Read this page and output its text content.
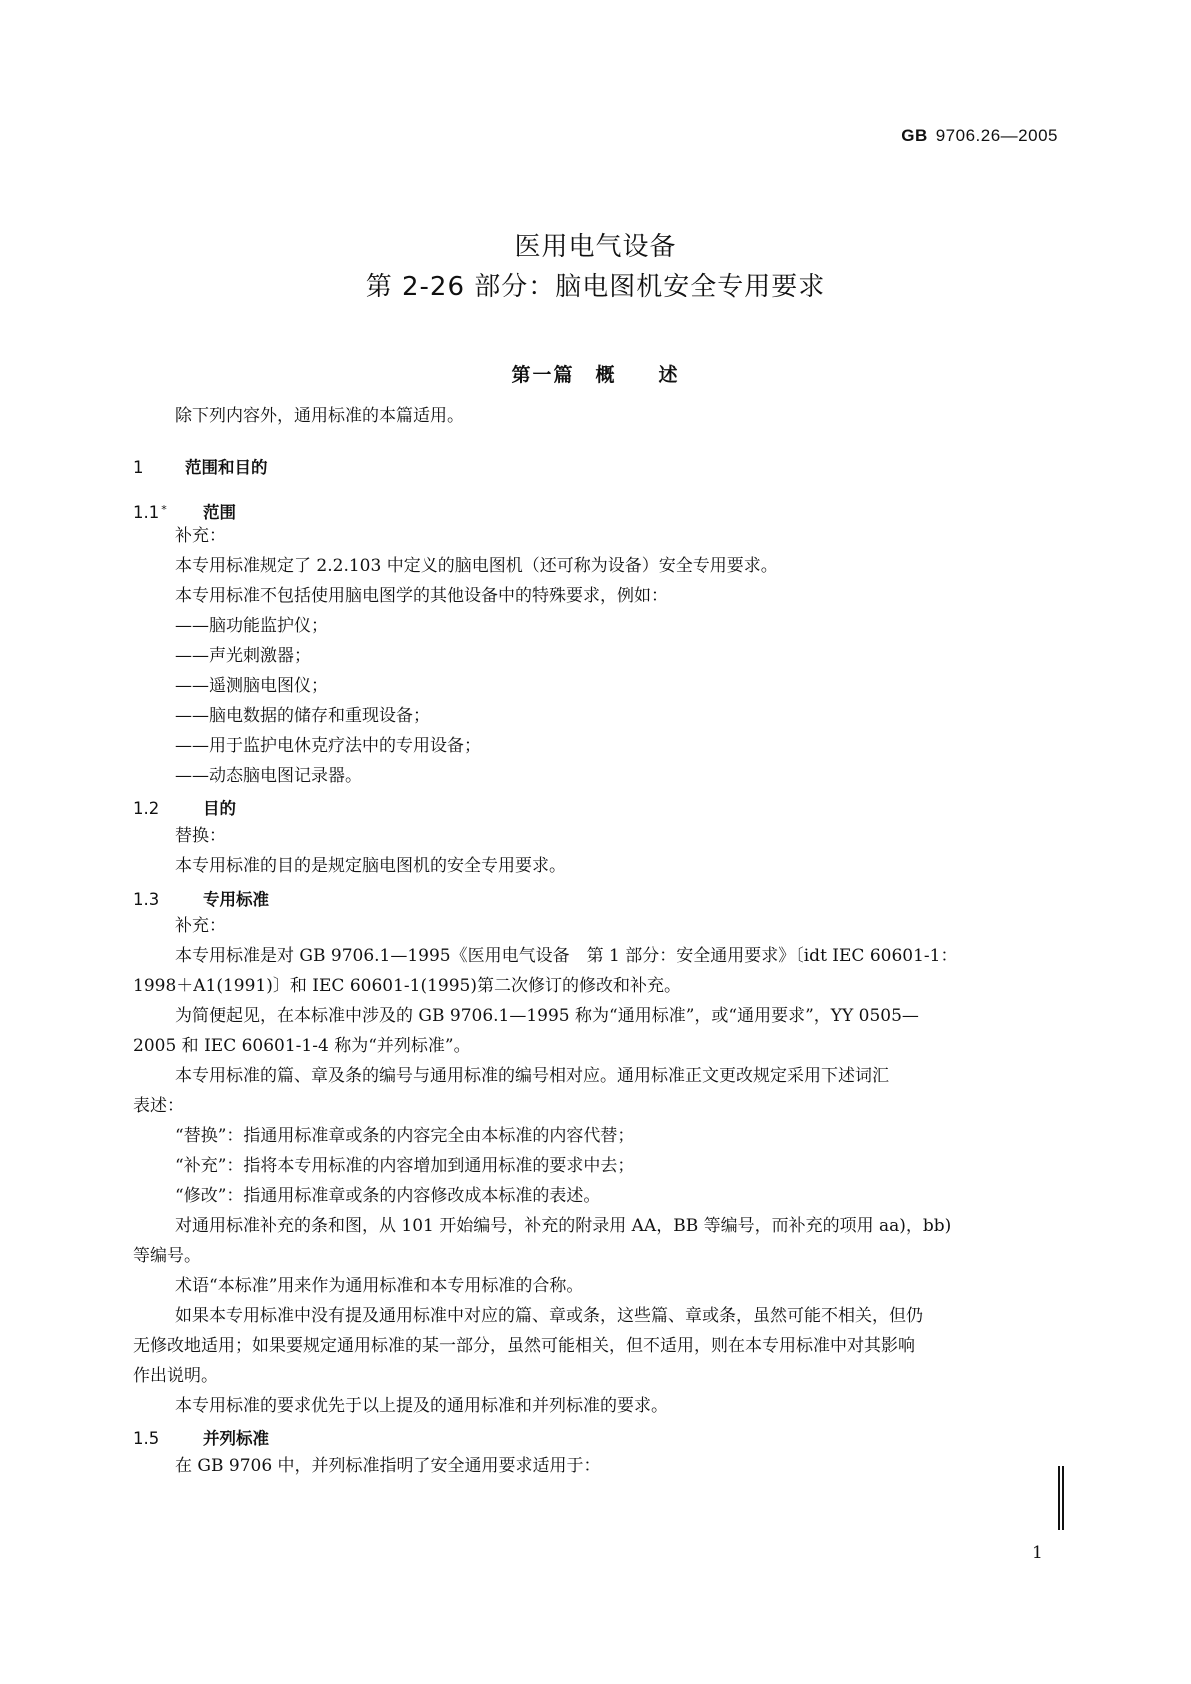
GB 9706.26—2005
医用电气设备
第 2-26 部分：脑电图机安全专用要求
第一篇　概　　述
除下列内容外，通用标准的本篇适用。
1	范围和目的
1.1 * 范围
补充：
本专用标准规定了 2.2.103 中定义的脑电图机（还可称为设备）安全专用要求。
本专用标准不包括使用脑电图学的其他设备中的特殊要求，例如：
——脑功能监护仪；
——声光刺激器；
——遥测脑电图仪；
——脑电数据的储存和重现设备；
——用于监护电休克疗法中的专用设备；
——动态脑电图记录器。
1.2	目的
替换：
本专用标准的目的是规定脑电图机的安全专用要求。
1.3	专用标准
补充：
本专用标准是对 GB 9706.1—1995《医用电气设备　第 1 部分：安全通用要求》〔idt IEC 60601-1：
1998＋A1(1991)〕和 IEC 60601-1(1995)第二次修订的修改和补充。
为简便起见，在本标准中涉及的 GB 9706.1—1995 称为“通用标准”，或“通用要求”，YY 0505—
2005 和 IEC 60601-1-4 称为“并列标准”。
本专用标准的篇、章及条的编号与通用标准的编号相对应。通用标准正文更改规定采用下述词汇
表述：
“替换”：指通用标准章或条的内容完全由本标准的内容代替；
“补充”：指将本专用标准的内容增加到通用标准的要求中去；
“修改”：指通用标准章或条的内容修改成本标准的表述。
对通用标准补充的条和图，从 101 开始编号，补充的附录用 AA，BB 等编号，而补充的项用 aa)，bb)
等编号。
术语“本标准”用来作为通用标准和本专用标准的合称。
如果本专用标准中没有提及通用标准中对应的篇、章或条，这些篇、章或条，虽然可能不相关，但仍
无修改地适用；如果要规定通用标准的某一部分，虽然可能相关，但不适用，则在本专用标准中对其影响
作出说明。
本专用标准的要求优先于以上提及的通用标准和并列标准的要求。
1.5	并列标准
在 GB 9706 中，并列标准指明了安全通用要求适用于：
1
